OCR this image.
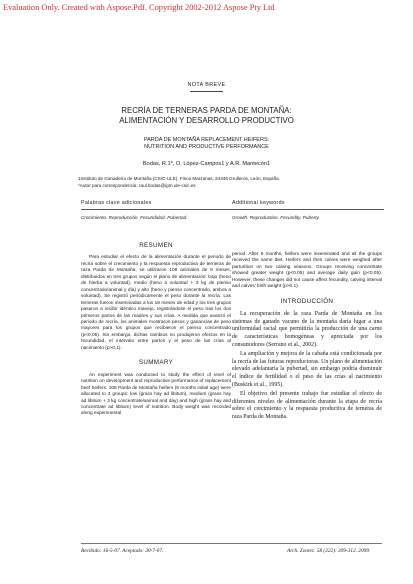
Evaluation Only. Created with Aspose.Pdf. Copyright 2002-2012 Aspose Pty Ltd
NOTA BREVE
RECRÍA DE TERNERAS PARDA DE MONTAÑA:
ALIMENTACIÓN Y DESARROLLO PRODUCTIVO
PARDA DE MONTAÑA REPLACEMENT HEIFERS:
NUTRITION AND PRODUCTIVE PERFORMANCE
Bodas, R.1*, O. López-Campos1 y A.R. Mantecón1
1Instituto de Ganadería de Montaña (CSIC-ULE). Finca Marzanas, 24346 Grulleros, León, España.
*Autor para correspondencia: raul.bodas@igm.ule-csic.es
Palabras clave adicionales
Crecimiento. Reproducción. Fecundidad. Pubertad.
Additional keywords
Growth. Reproduction. Fecundity. Puberty.
RESUMEN

Para estudiar el efecto de la alimentación durante el periodo de recría sobre el crecimiento y la respuesta reproductiva de terneras de raza Parda de Montaña, se utilizaron 108 animales de 9 meses, distribuidos en tres grupos según el plano de alimentación: bajo (heno de hierba a voluntad), medio (heno a voluntad + 3 kg de pienso concentrado/animal y día) y alto (heno y pienso concentrado, ambos a voluntad). Se registró periódicamente el peso durante la recría. Las terneras fueron inseminadas a los 18 meses de edad y los tres grupos pasaron a recibir idéntico manejo, registrándose el peso tras los dos primeros partos de las madres y sus crías. A medida que avanzó el periodo de recría, los animales mostraron pesos y ganancias de peso mayores para los grupos que recibieron el pienso concentrado (p<0,05). Sin embargo, dichas cambios no produjeron efectos en la fecundidad, el intervalo entre partos y el peso de las crías al nacimiento (p>0,1).

SUMMARY

An experiment was conducted to study the effect of level of nutrition on development and reproductive performance of replacement beef heifers. 108 Parda de Montaña heifers (9 months initial age) were allocated to 3 groups: low (grass hay ad libitum), medium (grass hay ad libitum + 3 kg concentrate/animal and day) and high (grass hay and concentrate ad libitum) level of nutrition. Body weight was recorded along experimental

period. After 9 months, heifers were inseminated and all the groups received the same diet. Heifers and their calves were weighed after parturition on two calving seasons. Groups receiving concentrate showed greater weight (p<0.05) and average daily gain (p<0.05). However, these changes did not cause affect fecundity, calving interval and calves' birth weight (p>0.1).

INTRODUCCIÓN

La recuperación de la raza Parda de Montaña en los sistemas de ganado vacuno de la montaña daría lugar a una uniformidad racial que permitiría la producción de una carne de características homogéneas y apreciada por los consumidores (Serrano et al., 2002).

La ampliación y mejora de la cabaña está condicionada por la recría de las futuras reproductoras. Un plano de alimentación elevado adelantaría la pubertad, sin embargo podría disminuir el índice de fertilidad o el peso de las crías al nacimiento (Buskirk et al., 1995).

El objetivo del presente trabajo fue estudiar el efecto de diferentes niveles de alimentación durante la etapa de recría sobre el crecimiento y la respuesta productiva de terneras de raza Parda de Montaña.

Recibido: 16-5-07. Aceptado: 30-7-07.	Arch. Zootec. 58 (222): 309-312. 2009.
